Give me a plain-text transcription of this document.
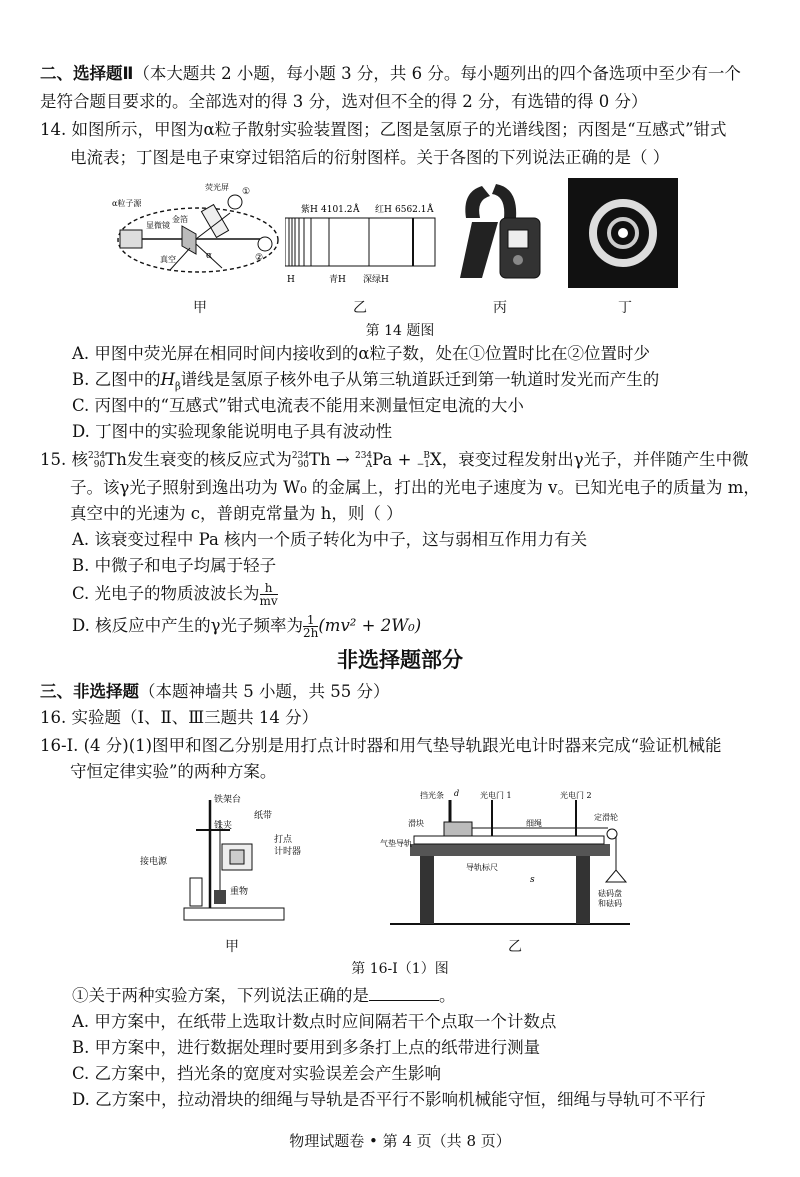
二、选择题Ⅱ（本大题共 2 小题，每小题 3 分，共 6 分。每小题列出的四个备选项中至少有一个
是符合题目要求的。全部选对的得 3 分，选对但不全的得 2 分，有选错的得 0 分）
14. 如图所示，甲图为α粒子散射实验装置图；乙图是氢原子的光谱线图；丙图是“互感式”钳式
电流表；丁图是电子束穿过铝箔后的衍射图样。关于各图的下列说法正确的是（ ）
α粒子源
荧光屏
金箔
显微镜
真空
①
②
α
紫H 4101.2 Å 红H 6562.1 Å
H	青H 深绿H
甲	乙	丙	丁
第 14 题图
A. 甲图中荧光屏在相同时间内接收到的α粒子数，处在①位置时比在②位置时少
B. 乙图中的$H_\beta$谱线是氢原子核外电子从第三轨道跃迁到第一轨道时发光而产生的
C. 丙图中的“互感式”钳式电流表不能用来测量恒定电流的大小
D. 丁图中的实验现象能说明电子具有波动性
15. 核 234
90 Th发生衰变的核反应式为 234
90 Th → 234
A Pa + B
−1 X，衰变过程发射出γ光子，并伴随产生中微
子。该γ光子照射到逸出功为 W₀ 的金属上，打出的光电子速度为 v。已知光电子的质量为 m，
真空中的光速为 c，普朗克常量为 h，则（ ）
A. 该衰变过程中 Pa 核内一个质子转化为中子，这与弱相互作用力有关
B. 中微子和电子均属于轻子
C. 光电子的物质波波长为 $\frac{h}{mv}$
D. 核反应中产生的γ光子频率为 $\frac{1}{2h} (mv^2 + 2W_0)$
非选择题部分
三、非选择题（本题神墙共 5 小题，共 55 分）
16. 实验题（Ⅰ、Ⅱ、Ⅲ三题共 14 分）
16-Ⅰ. (4 分)(1)图甲和图乙分别是用打点计时器和用气垫导轨跟光电计时器来完成“验证机械能
守恒定律实验”的两种方案。
铁架台
铁夹
纸带
打点
计时器
接电源
重物
挡光条	光电门 1	光电门 2
滑块	细绳
定滑轮
气垫导轨
导轨标尺
s
砝码盘
和砝码
d
甲	乙
第 16-Ⅰ（1）图
①关于两种实验方案，下列说法正确的是	。
A. 甲方案中，在纸带上选取计数点时应间隔若干个点取一个计数点
B. 甲方案中，进行数据处理时要用到多条打上点的纸带进行测量
C. 乙方案中，挡光条的宽度对实验误差会产生影响
D. 乙方案中，拉动滑块的细绳与导轨是否平行不影响机械能守恒，细绳与导轨可不平行
物理试题卷 • 第 4 页（共 8 页）
